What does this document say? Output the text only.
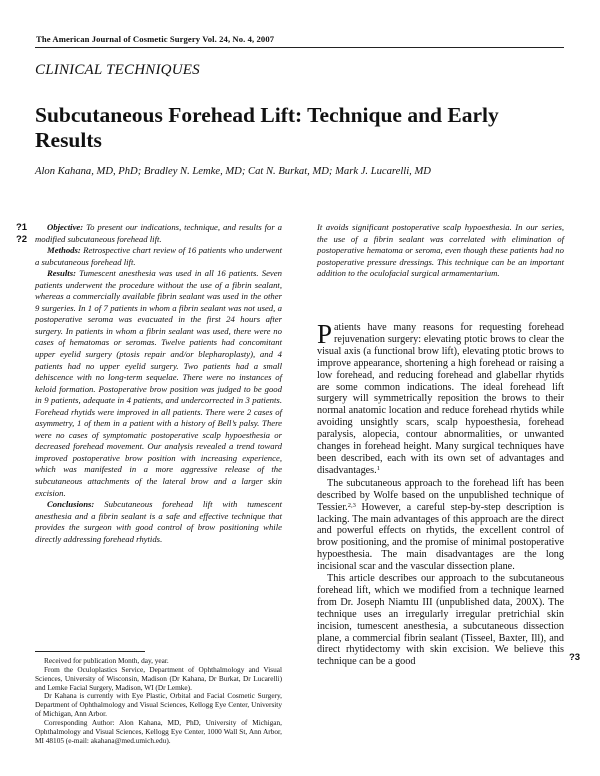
The American Journal of Cosmetic Surgery Vol. 24, No. 4, 2007
CLINICAL TECHNIQUES
Subcutaneous Forehead Lift: Technique and Early Results
Alon Kahana, MD, PhD; Bradley N. Lemke, MD; Cat N. Burkat, MD; Mark J. Lucarelli, MD
?1
?2
?3

Objective: To present our indications, technique, and results for a modified subcutaneous forehead lift.

Methods: Retrospective chart review of 16 patients who underwent a subcutaneous forehead lift.

Results: Tumescent anesthesia was used in all 16 patients. Seven patients underwent the procedure without the use of a fibrin sealant, whereas a commercially available fibrin sealant was used in the other 9 surgeries. In 1 of 7 patients in whom a fibrin sealant was not used, a postoperative seroma was evacuated in the first 24 hours after surgery. In patients in whom a fibrin sealant was used, there were no cases of hematomas or seromas. Twelve patients had concomitant upper eyelid surgery (ptosis repair and/or blepharoplasty), and 4 patients had no upper eyelid surgery. Two patients had a small dehiscence with no long-term sequelae. There were no instances of keloid formation. Postoperative brow position was judged to be good in 9 patients, adequate in 4 patients, and undercorrected in 3 patients. Forehead rhytids were improved in all patients. There were 2 cases of asymmetry, 1 of them in a patient with a history of Bell’s palsy. There were no cases of symptomatic postoperative scalp hypoesthesia or decreased forehead movement. Our analysis revealed a trend toward improved postoperative brow position with increasing experience, which was manifested in a more aggressive release of the subcutaneous attachments of the lateral brow and a larger skin excision.

Conclusions: Subcutaneous forehead lift with tumescent anesthesia and a fibrin sealant is a safe and effective technique that provides the surgeon with good control of brow positioning while directly addressing forehead rhytids.

It avoids significant postoperative scalp hypoesthesia. In our series, the use of a fibrin sealant was correlated with elimination of postoperative hematoma or seroma, even though these patients had no postoperative pressure dressings. This technique can be an important addition to the oculofacial surgical armamentarium.

Patients have many reasons for requesting forehead rejuvenation surgery: elevating ptotic brows to clear the visual axis (a functional brow lift), elevating ptotic brows to improve appearance, shortening a high forehead or raising a low forehead, and reducing forehead and glabellar rhytids are some common indications. The ideal forehead lift surgery will symmetrically reposition the brows to their normal anatomic location and reduce forehead rhytids while avoiding unsightly scars, scalp hypoesthesia, forehead paralysis, alopecia, contour abnormalities, or unwanted changes in forehead height. Many surgical techniques have been described, each with its own set of advantages and disadvantages.$^1$

The subcutaneous approach to the forehead lift has been described by Wolfe based on the unpublished technique of Tessier.$^{2,3}$ However, a careful step-by-step description is lacking. The main advantages of this approach are the direct and powerful effects on rhytids, the excellent control of brow positioning, and the promise of minimal postoperative hypoesthesia. The main disadvantages are the long incisional scar and the vascular dissection plane.

This article describes our approach to the subcutaneous forehead lift, which we modified from a technique learned from Dr. Joseph Niamtu III (unpublished data, 200X). The technique uses an irregularly irregular pretrichial skin incision, tumescent anesthesia, a subcutaneous dissection plane, a commercial fibrin sealant (Tisseel, Baxter, Ill), and direct rhytidectomy with skin excision. We believe this technique can be a good

Received for publication Month, day, year.

From the Oculoplastics Service, Department of Ophthalmology and Visual Sciences, University of Wisconsin, Madison (Dr Kahana, Dr Burkat, Dr Lucarelli) and Lemke Facial Surgery, Madison, WI (Dr Lemke).

Dr Kahana is currently with Eye Plastic, Orbital and Facial Cosmetic Surgery, Department of Ophthalmology and Visual Sciences, Kellogg Eye Center, University of Michigan, Ann Arbor.

Corresponding Author: Alon Kahana, MD, PhD, University of Michigan, Ophthalmology and Visual Sciences, Kellogg Eye Center, 1000 Wall St, Ann Arbor, MI 48105 (e-mail: akahana@med.umich.edu).
